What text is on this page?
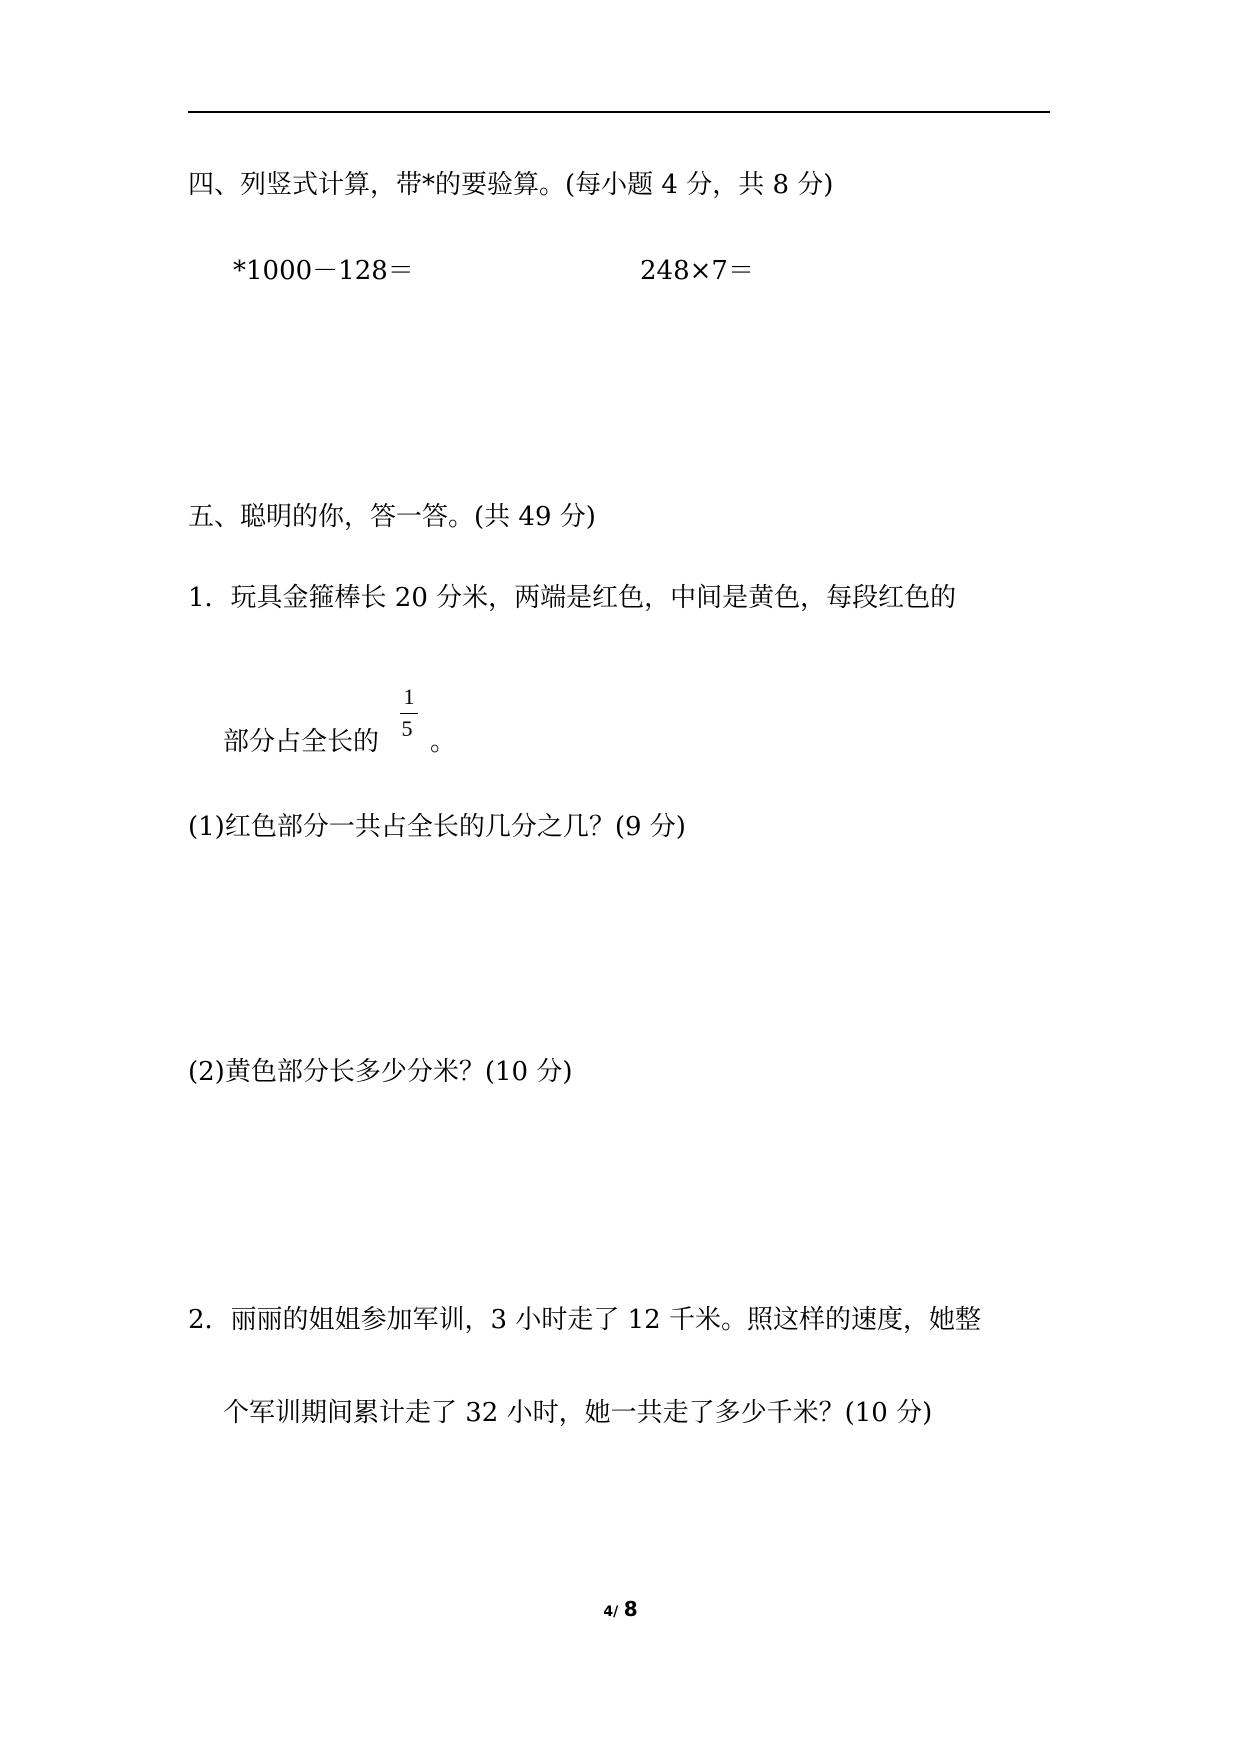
四、列竖式计算，带*的要验算。(每小题 4 分，共 8 分)
*1000－128＝	248×7＝
五、聪明的你，答一答。(共 49 分)
1．玩具金箍棒长 20 分米，两端是红色，中间是黄色，每段红色的
部分占全长的
1
5 。
(1)红色部分一共占全长的几分之几？(9 分)
(2)黄色部分长多少分米？(10 分)
2．丽丽的姐姐参加军训，3 小时走了 12 千米。照这样的速度，她整
个军训期间累计走了 32 小时，她一共走了多少千米？(10 分)
4/ 8
